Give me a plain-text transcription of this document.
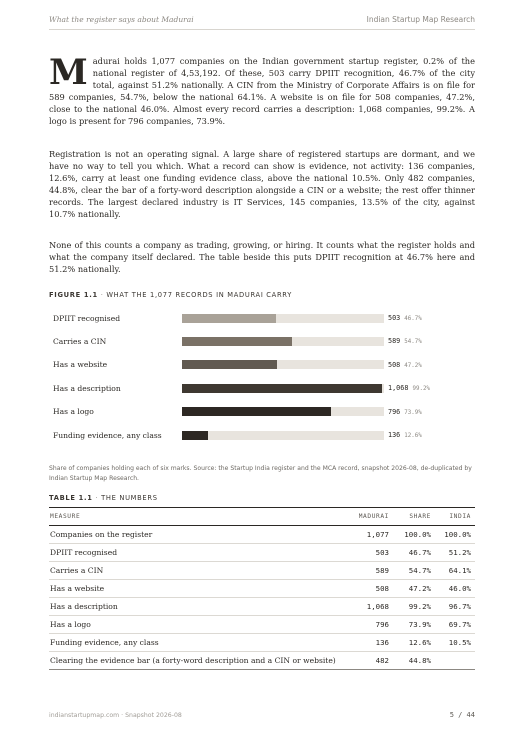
What the register says about Madurai	Indian Startup Map Research

M adurai holds 1,077 companies on the Indian government startup register, 0.2% of the national register of 4,53,192. Of these, 503 carry DPIIT recognition, 46.7% of the city total, against 51.2% nationally. A CIN from the Ministry of Corporate Affairs is on file for 589 companies, 54.7%, below the national 64.1%. A website is on file for 508 companies, 47.2%, close to the national 46.0%. Almost every record carries a description: 1,068 companies, 99.2%. A logo is present for 796 companies, 73.9%.

Registration is not an operating signal. A large share of registered startups are dormant, and we have no way to tell you which. What a record can show is evidence, not activity: 136 companies, 12.6%, carry at least one funding evidence class, above the national 10.5%. Only 482 companies, 44.8%, clear the bar of a forty-word description alongside a CIN or a website; the rest offer thinner records. The largest declared industry is IT Services, 145 companies, 13.5% of the city, against 10.7% nationally.

None of this counts a company as trading, growing, or hiring. It counts what the register holds and what the company itself declared. The table beside this puts DPIIT recognition at 46.7% here and 51.2% nationally.

FIGURE 1.1 · WHAT THE 1,077 RECORDS IN MADURAI CARRY
DPIIT recognised	503 46.7%
Carries a CIN	589 54.7%
Has a website	508 47.2%
Has a description	1,068 99.2%
Has a logo	796 73.9%
Funding evidence, any class	136 12.6%

Share of companies holding each of six marks. Source: the Startup India register and the MCA record, snapshot 2026-08, de-duplicated by Indian Startup Map Research.

TABLE 1.1 · THE NUMBERS
MEASURE	MADURAI	SHARE	INDIA
Companies on the register	1,077	100.0%	100.0%
DPIIT recognised	503	46.7%	51.2%
Carries a CIN	589	54.7%	64.1%
Has a website	508	47.2%	46.0%
Has a description	1,068	99.2%	96.7%
Has a logo	796	73.9%	69.7%
Funding evidence, any class	136	12.6%	10.5%
Clearing the evidence bar (a forty-word description and a CIN or website)	482	44.8%	
indianstartupmap.com · Snapshot 2026-08	5 / 44
